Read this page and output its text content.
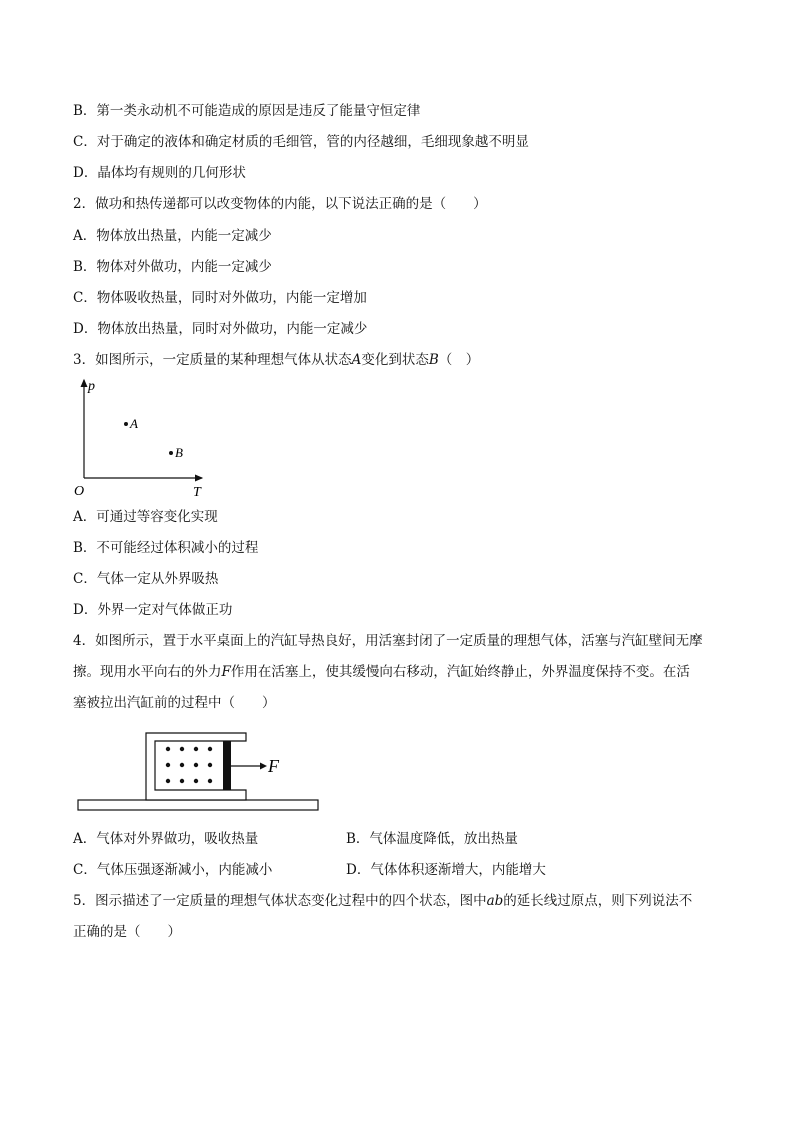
B．第一类永动机不可能造成的原因是违反了能量守恒定律
C．对于确定的液体和确定材质的毛细管，管的内径越细，毛细现象越不明显
D．晶体均有规则的几何形状
2．做功和热传递都可以改变物体的内能，以下说法正确的是（　　）
A．物体放出热量，内能一定减少
B．物体对外做功，内能一定减少
C．物体吸收热量，同时对外做功，内能一定增加
D．物体放出热量，同时对外做功，内能一定减少
3．如图所示，一定质量的某种理想气体从状态A变化到状态B（　）
p
T
O
A
B
A．可通过等容变化实现
B．不可能经过体积减小的过程
C．气体一定从外界吸热
D．外界一定对气体做正功
4．如图所示，置于水平桌面上的汽缸导热良好，用活塞封闭了一定质量的理想气体，活塞与汽缸壁间无摩
擦。现用水平向右的外力F作用在活塞上，使其缓慢向右移动，汽缸始终静止，外界温度保持不变。在活
塞被拉出汽缸前的过程中（　　）
F
A．气体对外界做功，吸收热量	B．气体温度降低，放出热量
C．气体压强逐渐减小，内能减小	D．气体体积逐渐增大，内能增大
5．图示描述了一定质量的理想气体状态变化过程中的四个状态，图中ab的延长线过原点，则下列说法不
正确的是（　　）
